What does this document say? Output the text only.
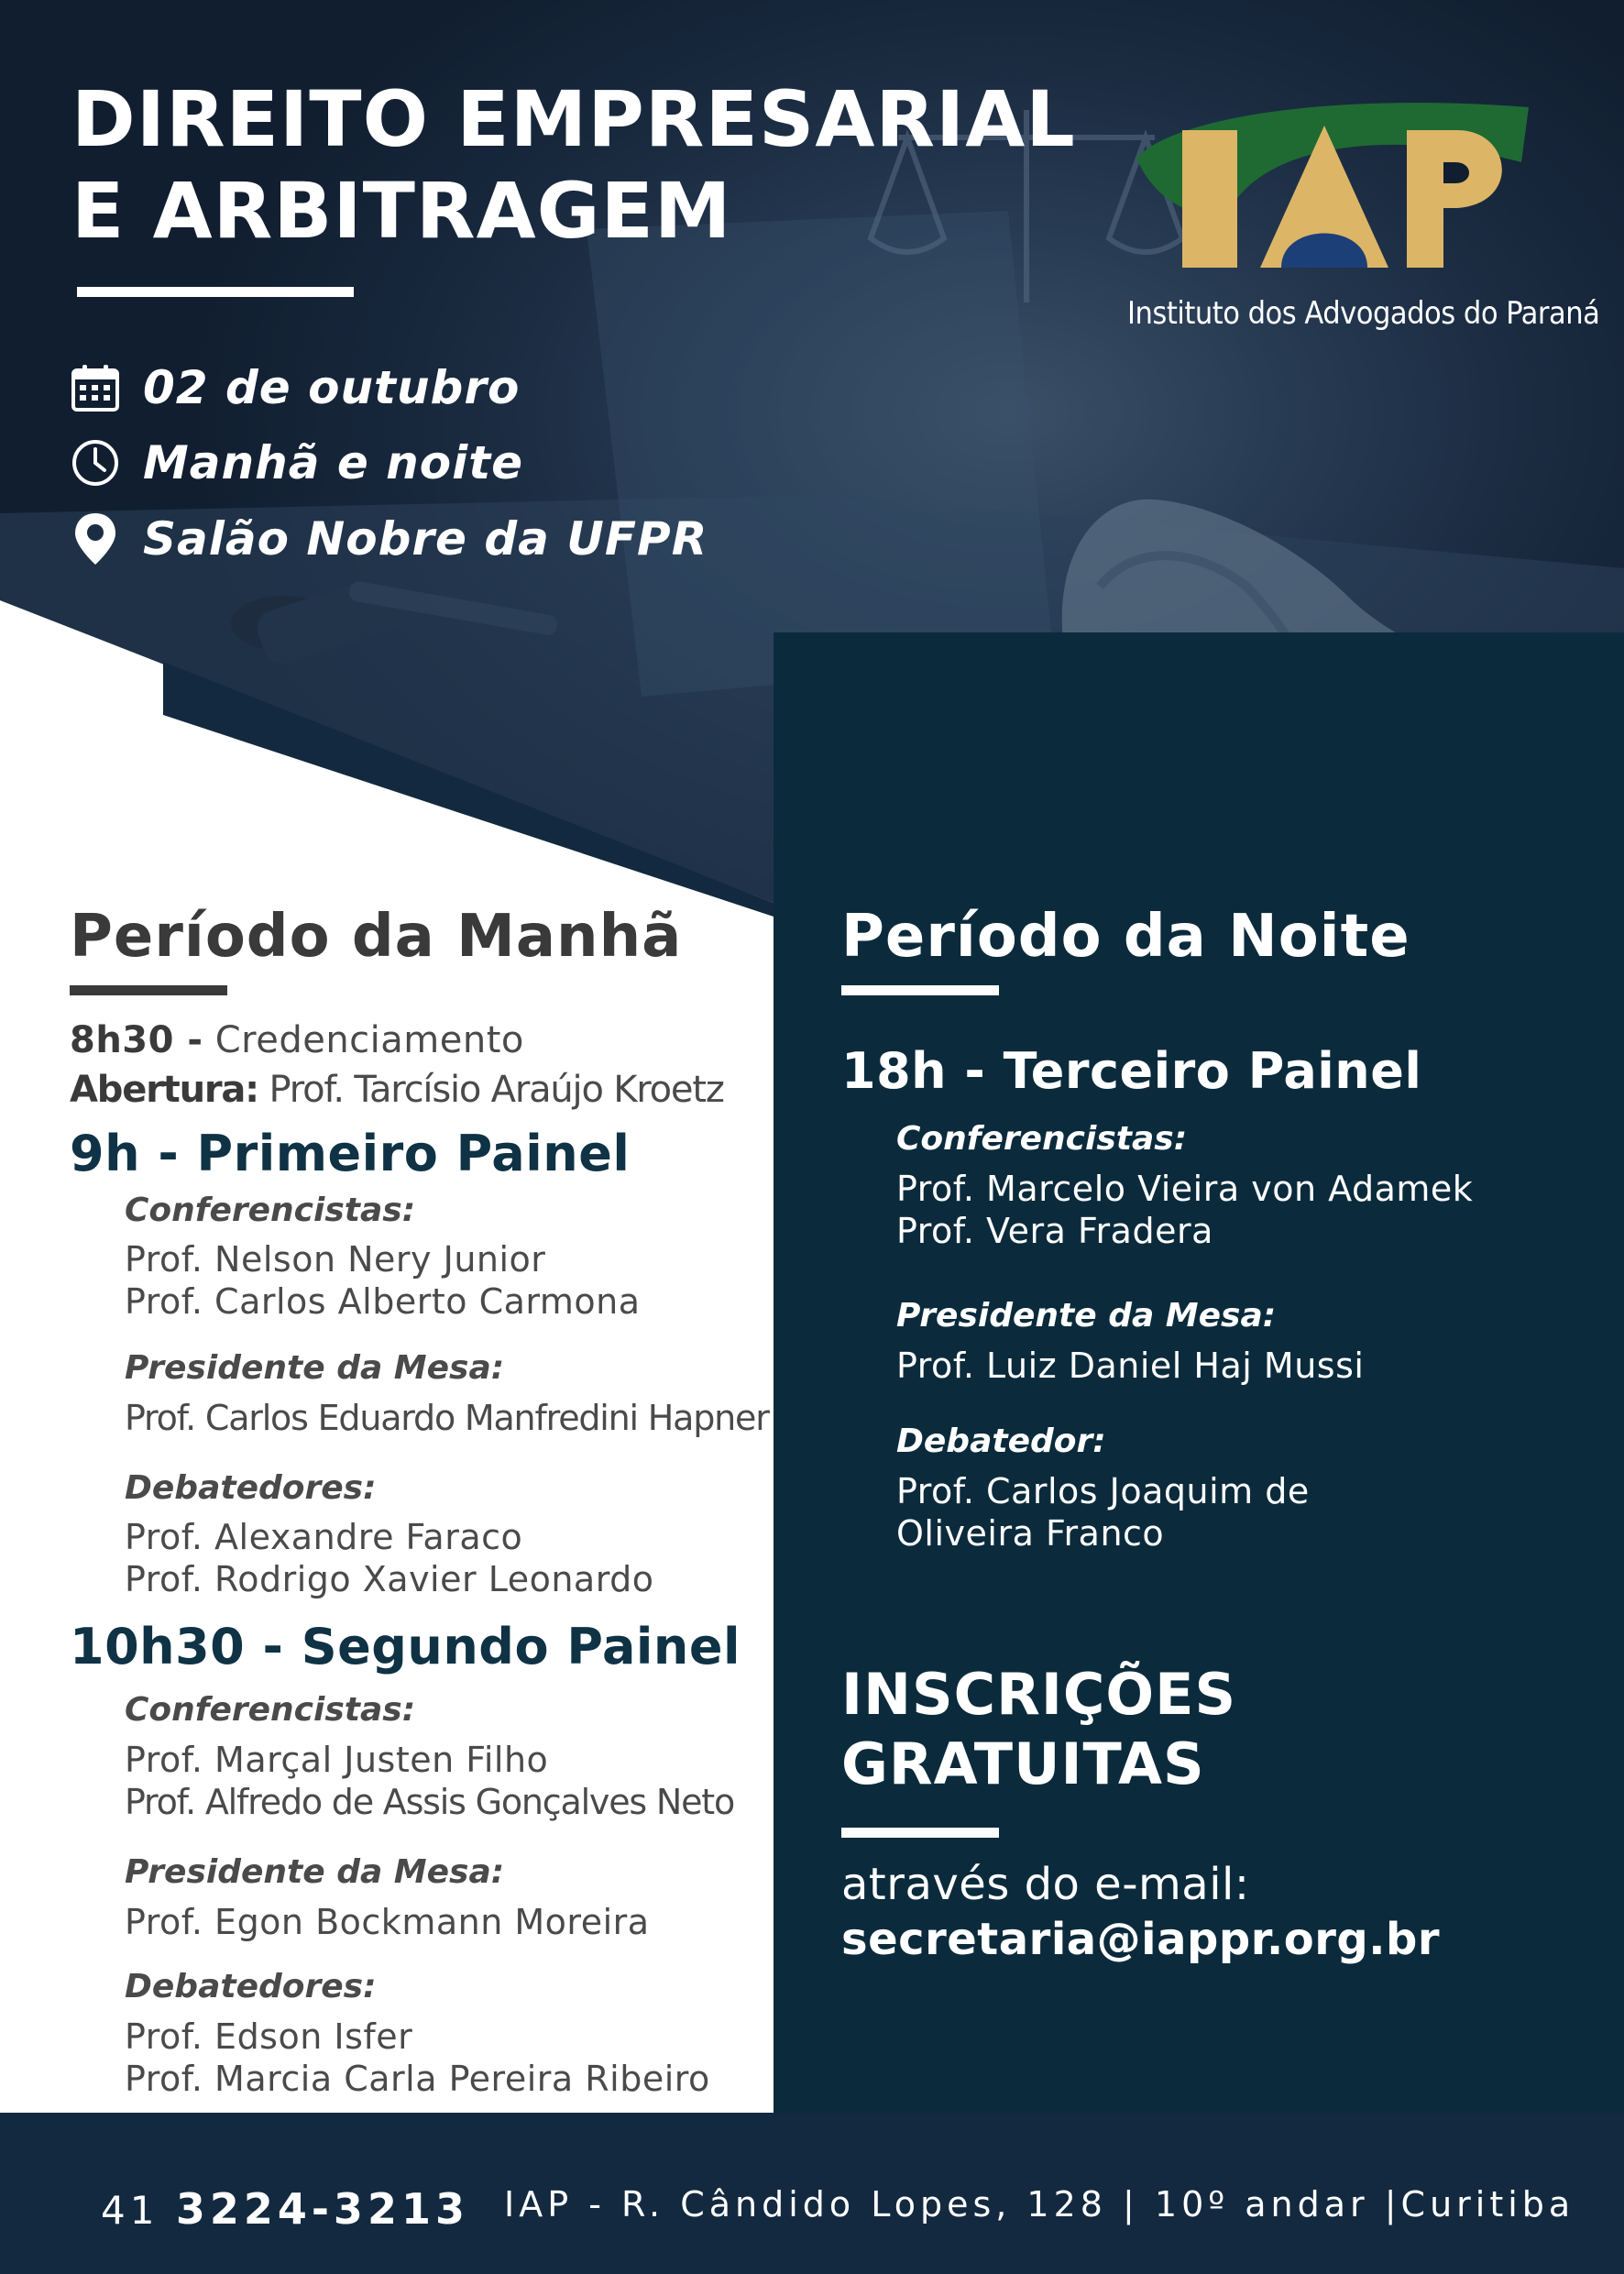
DIREITO EMPRESARIAL
E ARBITRAGEM
02 de outubro
Manhã e noite
Salão Nobre da UFPR
Instituto dos Advogados do Paraná
Período da Manhã
8h30 - Credenciamento
Abertura: Prof. Tarcísio Araújo Kroetz
9h - Primeiro Painel
Conferencistas:
Prof. Nelson Nery Junior
Prof. Carlos Alberto Carmona
Presidente da Mesa:
Prof. Carlos Eduardo Manfredini Hapner
Debatedores:
Prof. Alexandre Faraco
Prof. Rodrigo Xavier Leonardo
10h30 - Segundo Painel
Conferencistas:
Prof. Marçal Justen Filho
Prof. Alfredo de Assis Gonçalves Neto
Presidente da Mesa:
Prof. Egon Bockmann Moreira
Debatedores:
Prof. Edson Isfer
Prof. Marcia Carla Pereira Ribeiro
Período da Noite
18h - Terceiro Painel
Conferencistas:
Prof. Marcelo Vieira von Adamek
Prof. Vera Fradera
Presidente da Mesa:
Prof. Luiz Daniel Haj Mussi
Debatedor:
Prof. Carlos Joaquim de
Oliveira Franco
INSCRIÇÕES
GRATUITAS
através do e-mail:
secretaria@iappr.org.br
41 3224-3213 IAP - R. Cândido Lopes, 128 | 10º andar |Curitiba
